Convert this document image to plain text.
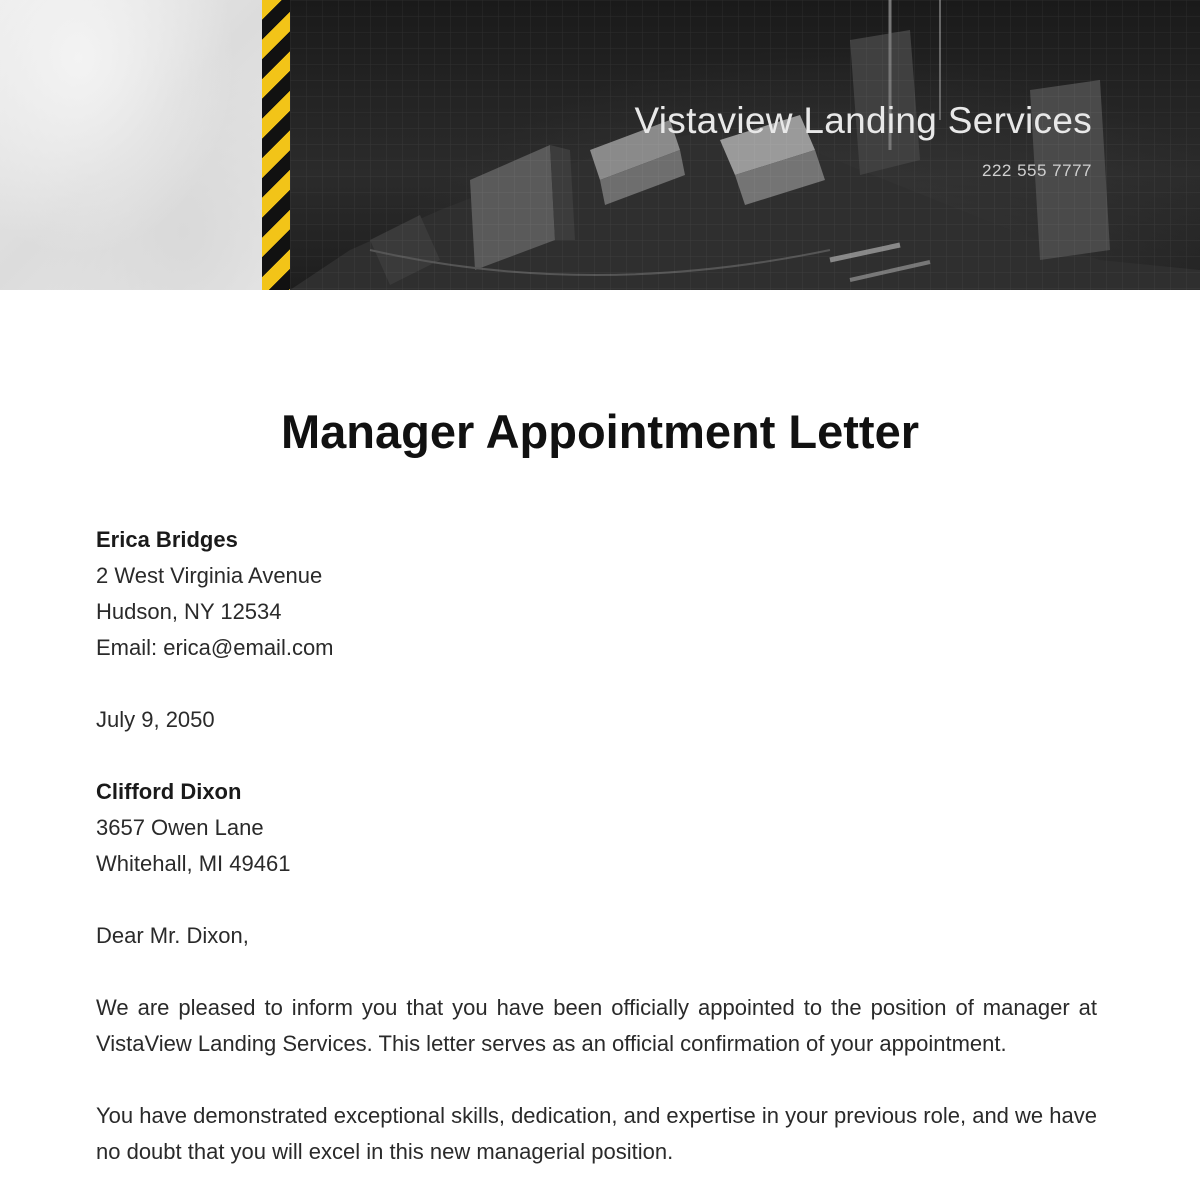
Vistaview Landing Services
222 555 7777
Manager Appointment Letter

Erica Bridges

2 West Virginia Avenue

Hudson, NY 12534

Email: erica@email.com

July 9, 2050

Clifford Dixon

3657 Owen Lane

Whitehall, MI 49461

Dear Mr. Dixon,

We are pleased to inform you that you have been officially appointed to the position of manager at VistaView Landing Services. This letter serves as an official confirmation of your appointment.

You have demonstrated exceptional skills, dedication, and expertise in your previous role, and we have no doubt that you will excel in this new managerial position.
